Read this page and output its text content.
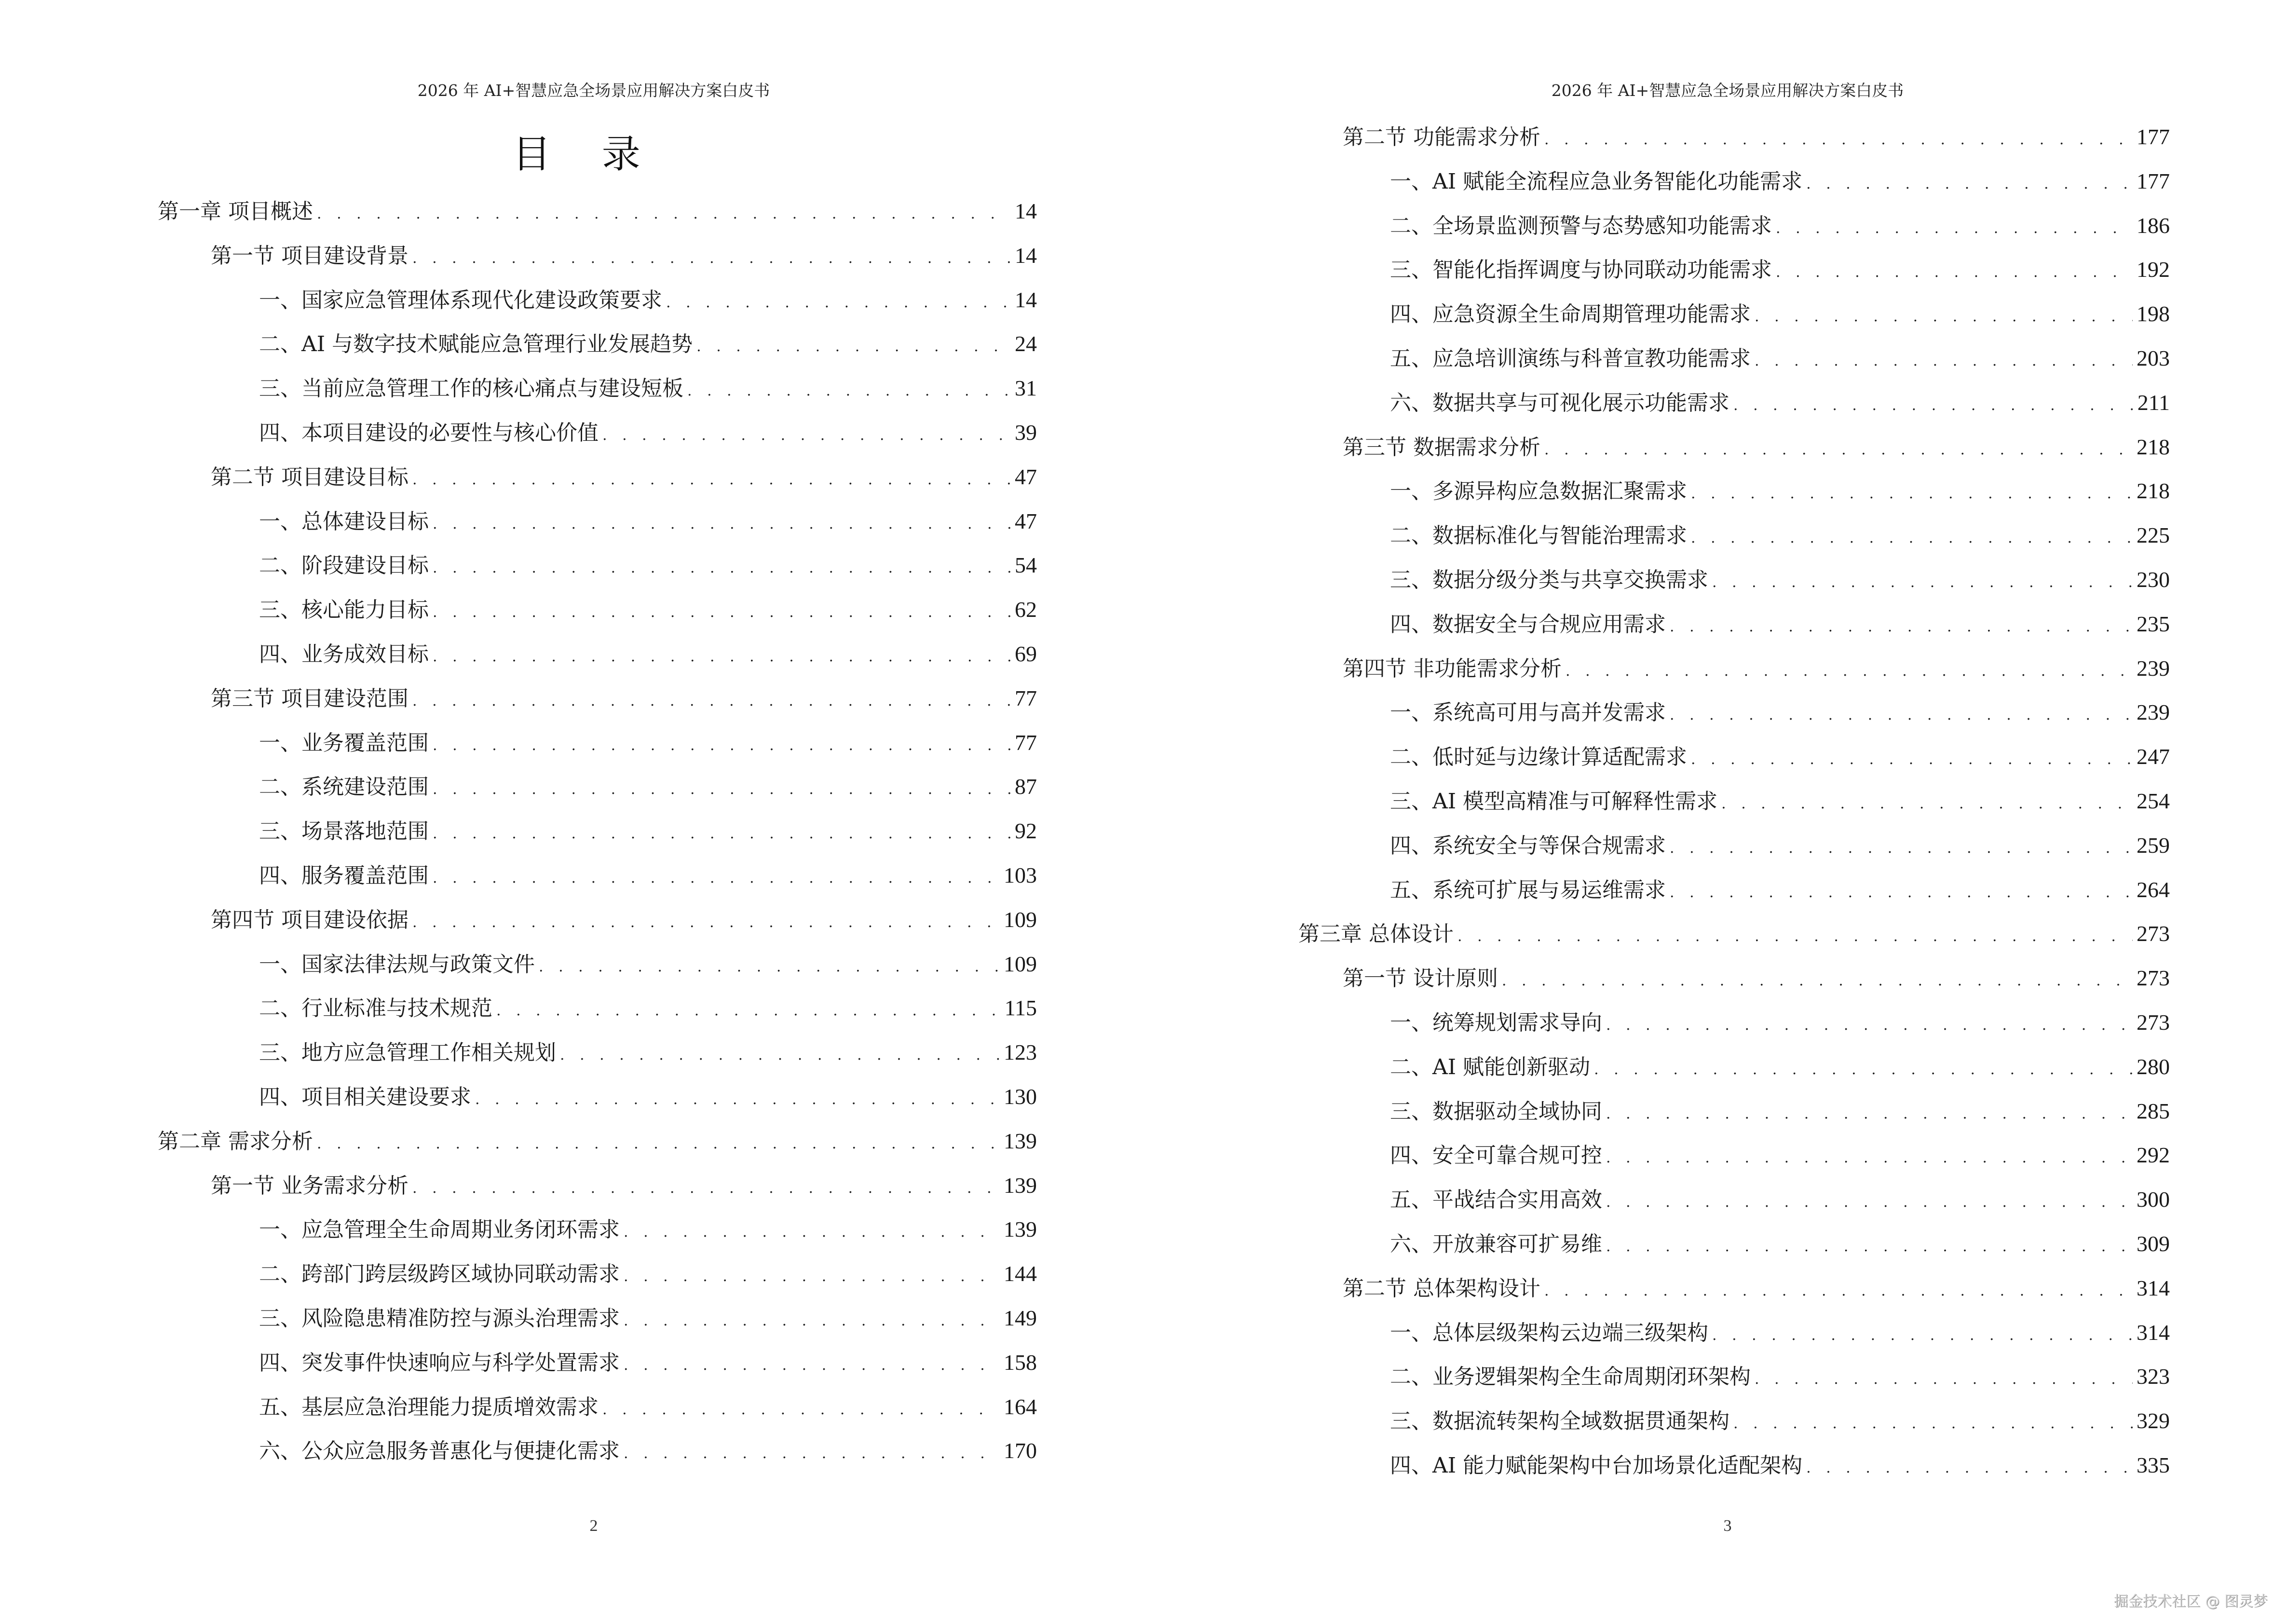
2026 年 AI+智慧应急全场景应用解决方案白皮书
目 录
第一章 项目概述 . . .	14
第一节 项目建设背景 . . .	14
一、国家应急管理体系现代化建设政策要求 . . .	14
二、AI 与数字技术赋能应急管理行业发展趋势 . . .	24
三、当前应急管理工作的核心痛点与建设短板 . . .	31
四、本项目建设的必要性与核心价值 . . .	39
第二节 项目建设目标 . . .	47
一、总体建设目标 . . .	47
二、阶段建设目标 . . .	54
三、核心能力目标 . . .	62
四、业务成效目标 . . .	69
第三节 项目建设范围 . . .	77
一、业务覆盖范围 . . .	77
二、系统建设范围 . . .	87
三、场景落地范围 . . .	92
四、服务覆盖范围 . . .	103
第四节 项目建设依据 . . .	109
一、国家法律法规与政策文件 . . .	109
二、行业标准与技术规范 . . .	115
三、地方应急管理工作相关规划 . . .	123
四、项目相关建设要求 . . .	130
第二章 需求分析 . . .	139
第一节 业务需求分析 . . .	139
一、应急管理全生命周期业务闭环需求 . . .	139
二、跨部门跨层级跨区域协同联动需求 . . .	144
三、风险隐患精准防控与源头治理需求 . . .	149
四、突发事件快速响应与科学处置需求 . . .	158
五、基层应急治理能力提质增效需求 . . .	164
六、公众应急服务普惠化与便捷化需求 . . .	170
2
2026 年 AI+智慧应急全场景应用解决方案白皮书
第二节 功能需求分析 . . .	177
一、AI 赋能全流程应急业务智能化功能需求 . . .	177
二、全场景监测预警与态势感知功能需求 . . .	186
三、智能化指挥调度与协同联动功能需求 . . .	192
四、应急资源全生命周期管理功能需求 . . .	198
五、应急培训演练与科普宣教功能需求 . . .	203
六、数据共享与可视化展示功能需求 . . .	211
第三节 数据需求分析 . . .	218
一、多源异构应急数据汇聚需求 . . .	218
二、数据标准化与智能治理需求 . . .	225
三、数据分级分类与共享交换需求 . . .	230
四、数据安全与合规应用需求 . . .	235
第四节 非功能需求分析 . . .	239
一、系统高可用与高并发需求 . . .	239
二、低时延与边缘计算适配需求 . . .	247
三、AI 模型高精准与可解释性需求 . . .	254
四、系统安全与等保合规需求 . . .	259
五、系统可扩展与易运维需求 . . .	264
第三章 总体设计 . . .	273
第一节 设计原则 . . .	273
一、统筹规划需求导向 . . .	273
二、AI 赋能创新驱动 . . .	280
三、数据驱动全域协同 . . .	285
四、安全可靠合规可控 . . .	292
五、平战结合实用高效 . . .	300
六、开放兼容可扩易维 . . .	309
第二节 总体架构设计 . . .	314
一、总体层级架构云边端三级架构 . . .	314
二、业务逻辑架构全生命周期闭环架构 . . .	323
三、数据流转架构全域数据贯通架构 . . .	329
四、AI 能力赋能架构中台加场景化适配架构 . . .	335
3
掘金技术社区 @ 图灵梦
